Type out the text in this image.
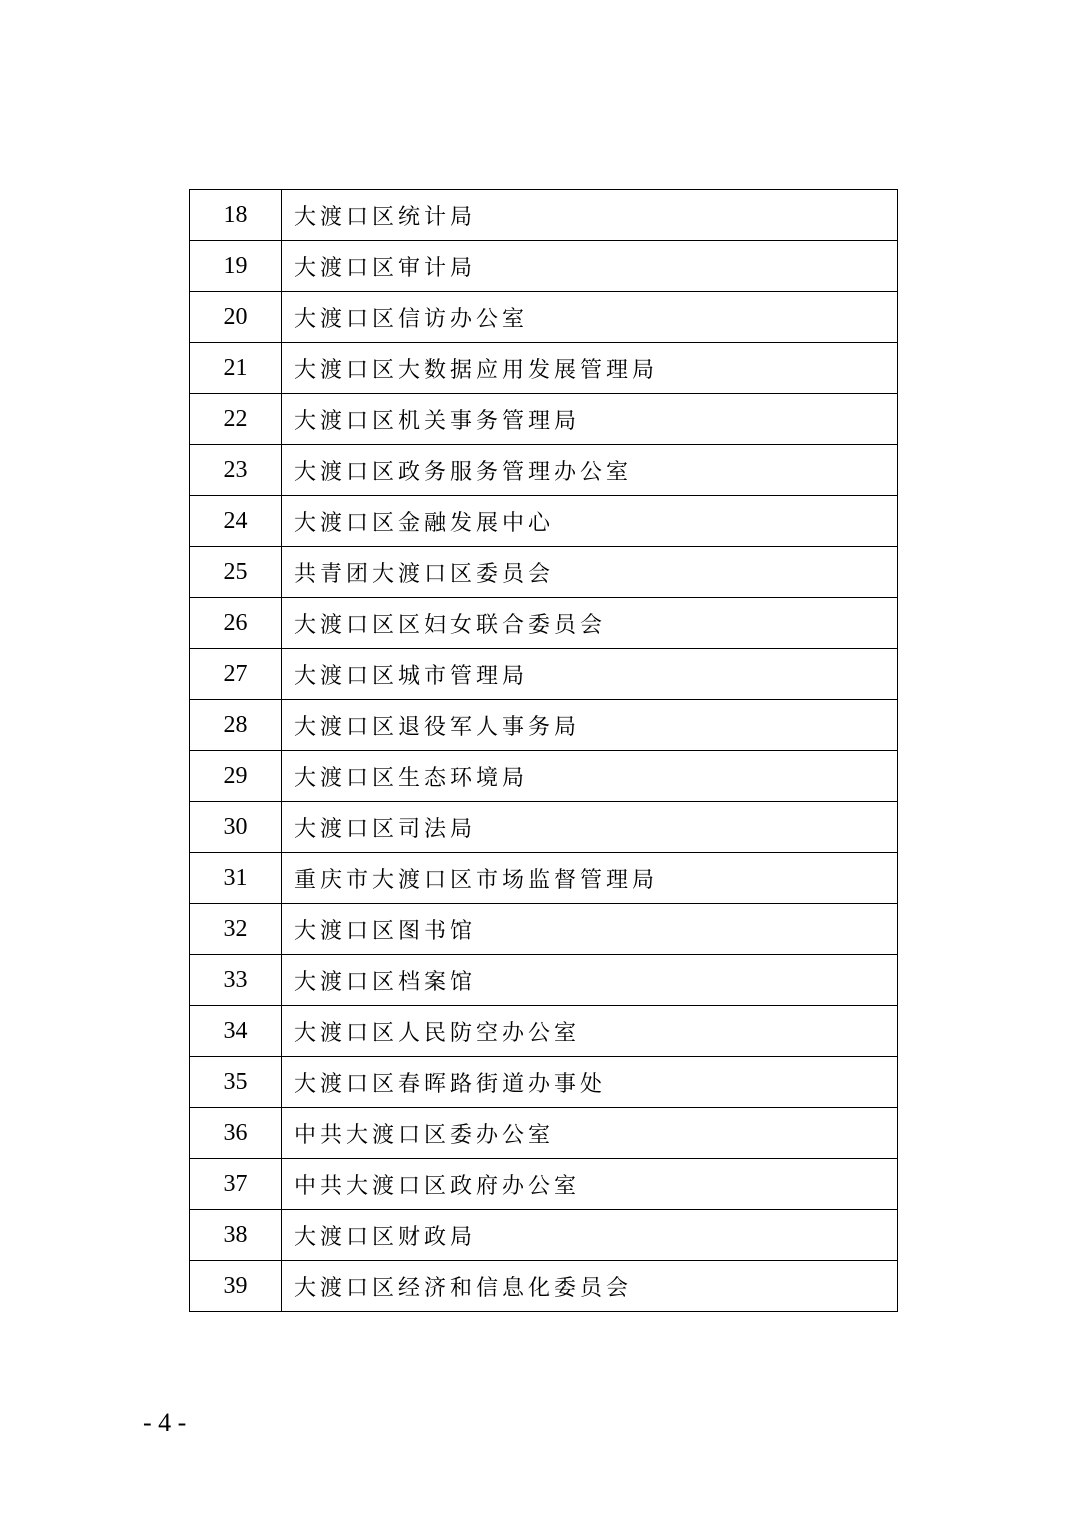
18	大渡口区统计局
19	大渡口区审计局
20	大渡口区信访办公室
21	大渡口区大数据应用发展管理局
22	大渡口区机关事务管理局
23	大渡口区政务服务管理办公室
24	大渡口区金融发展中心
25	共青团大渡口区委员会
26	大渡口区区妇女联合委员会
27	大渡口区城市管理局
28	大渡口区退役军人事务局
29	大渡口区生态环境局
30	大渡口区司法局
31	重庆市大渡口区市场监督管理局
32	大渡口区图书馆
33	大渡口区档案馆
34	大渡口区人民防空办公室
35	大渡口区春晖路街道办事处
36	中共大渡口区委办公室
37	中共大渡口区政府办公室
38	大渡口区财政局
39	大渡口区经济和信息化委员会
- 4 -
